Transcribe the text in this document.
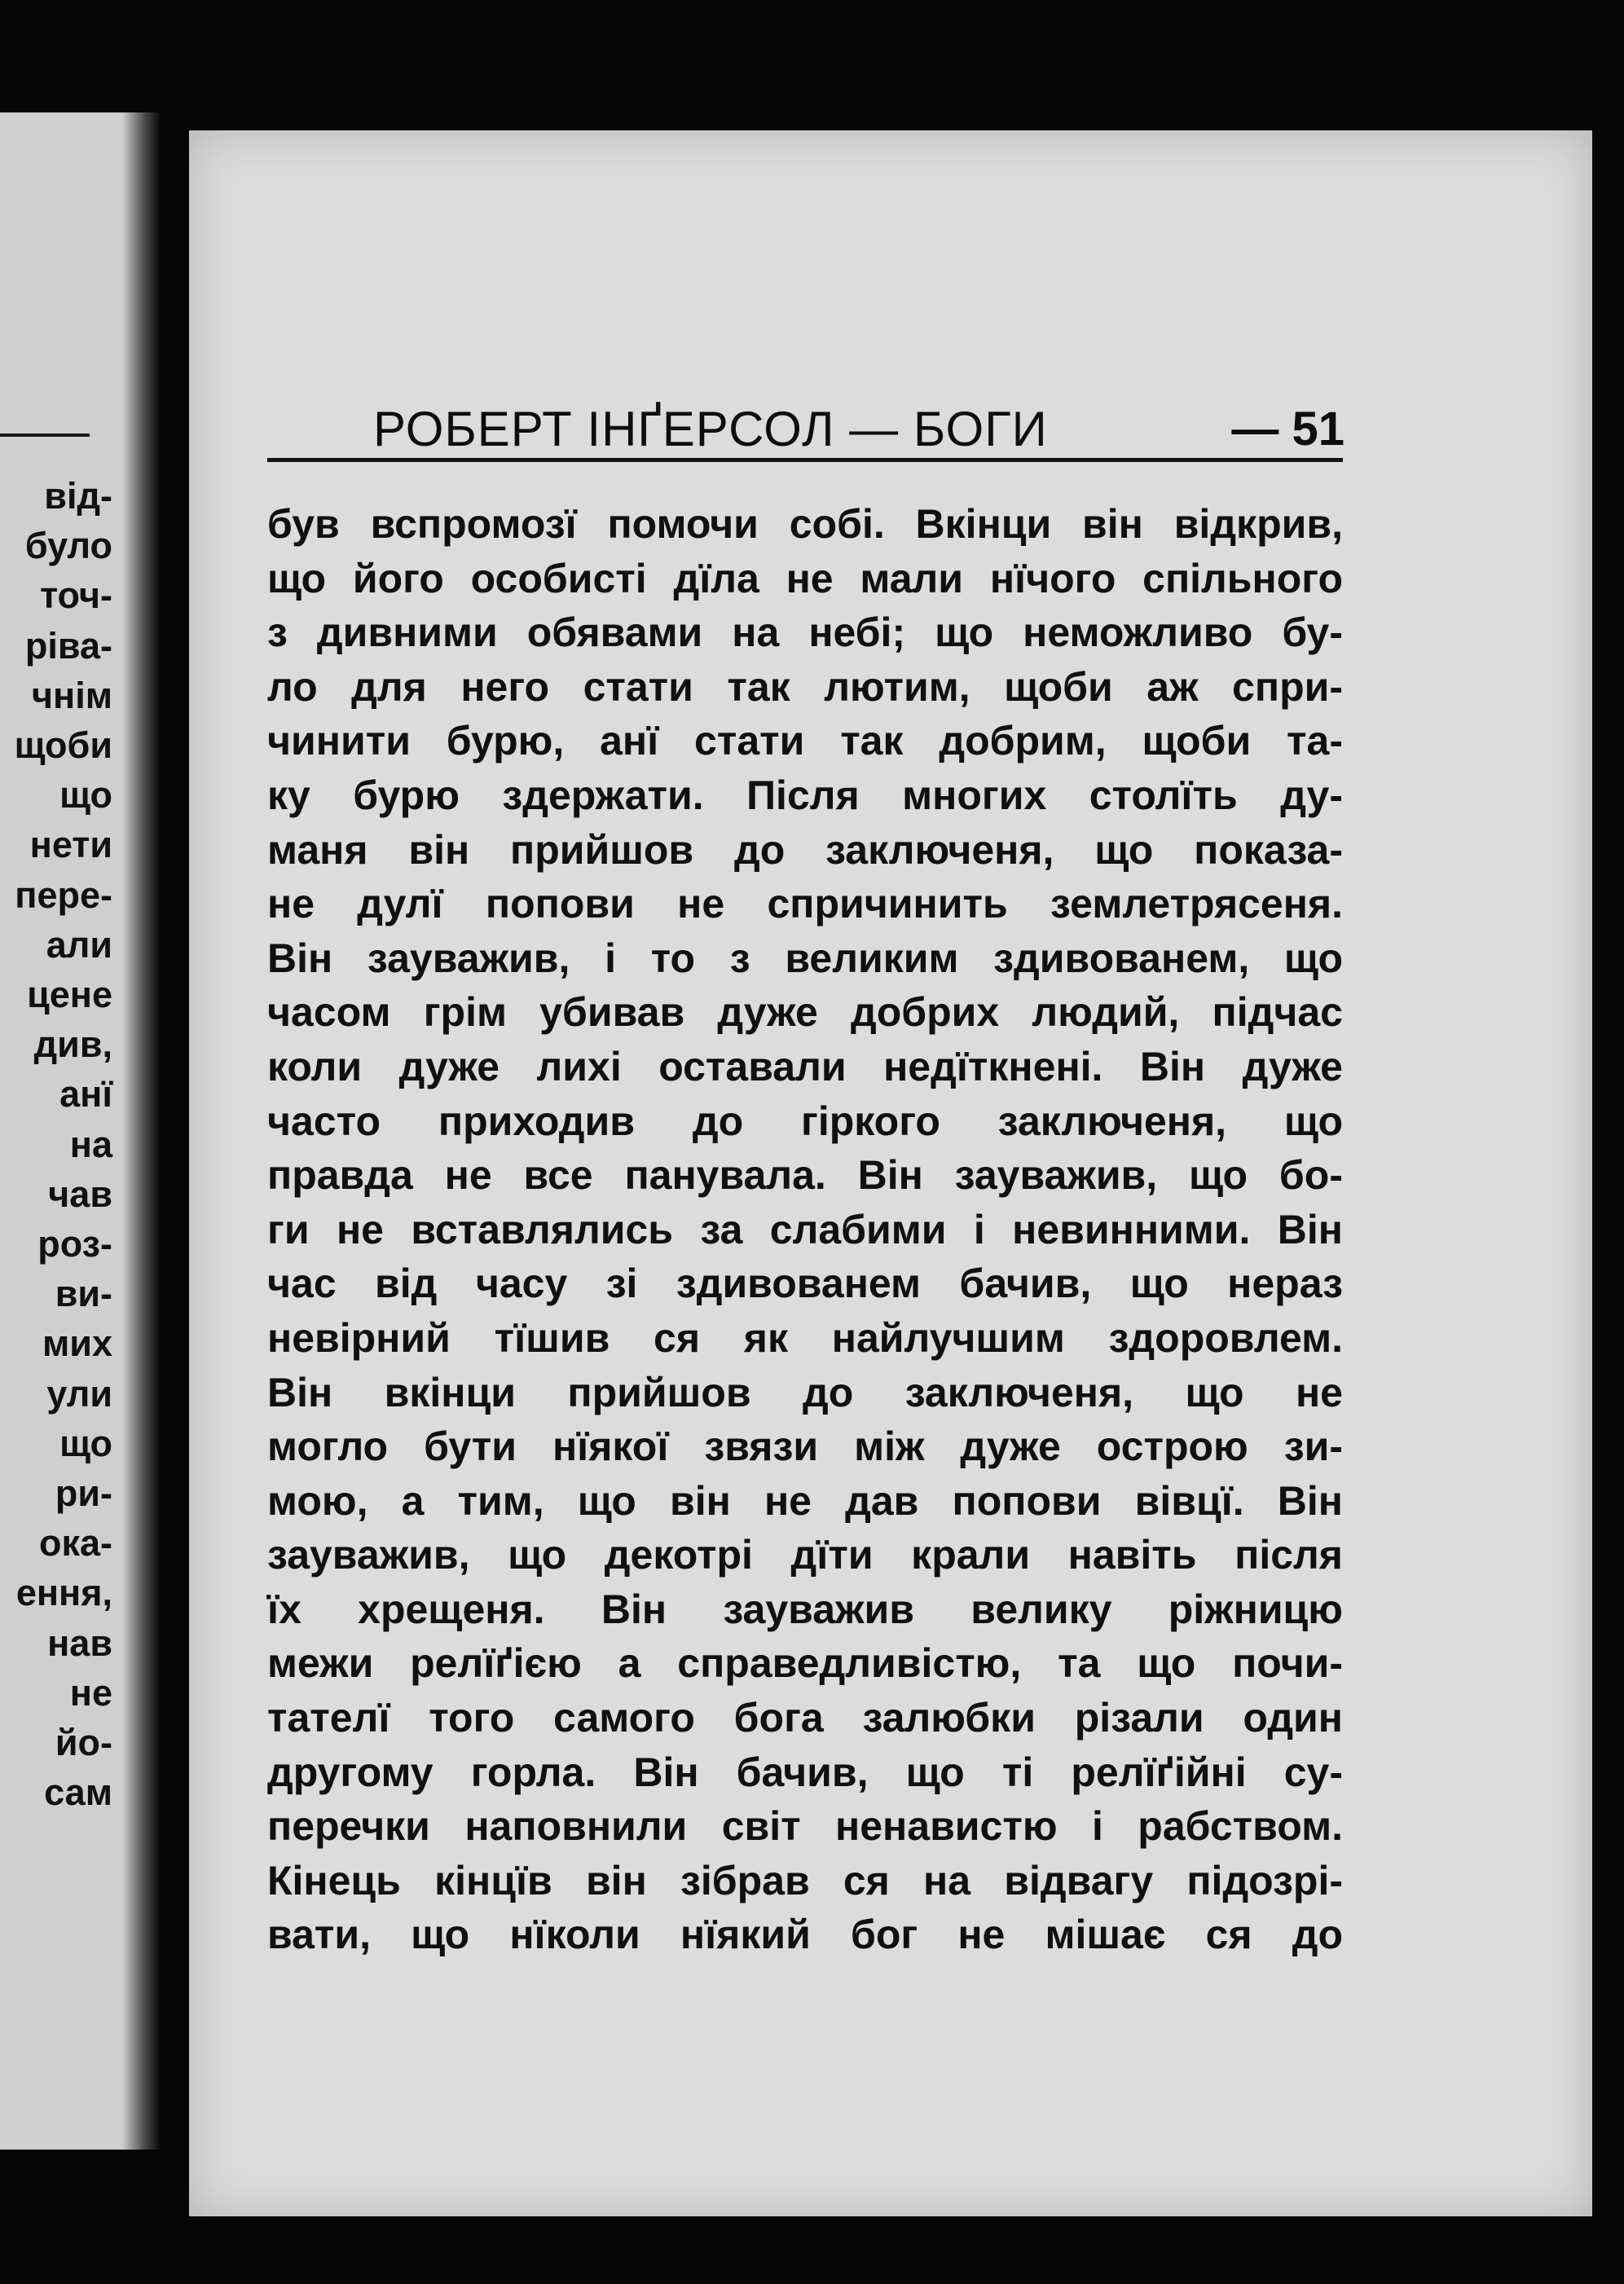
від-
було
точ-
ріва-
чнім
щоби
що
нети
пере-
али
цене
див,
анї
на
чав
роз-
ви-
мих
ули
що
ри-
ока-
ення,
нав
не
йо-
сам
РОБЕРТ ІНҐЕРСОЛ — БОГИ	— 51
був вспромозї помочи собі. Вкінци він відкрив,
що його особисті дїла не мали нїчого спільного
з дивними обявами на небі; що неможливо бу-
ло для него стати так лютим, щоби аж спри-
чинити бурю, анї стати так добрим, щоби та-
ку бурю здержати. Після многих столїть ду-
маня він прийшов до заключеня, що показа-
не дулї попови не спричинить землетрясеня.
Він зауважив, і то з великим здивованем, що
часом грім убивав дуже добрих людий, підчас
коли дуже лихі оставали недїткнені. Він дуже
часто приходив до гіркого заключеня, що
правда не все панувала. Він зауважив, що бо-
ги не вставлялись за слабими і невинними. Він
час від часу зі здивованем бачив, що нераз
невірний тїшив ся як найлучшим здоровлем.
Він вкінци прийшов до заключеня, що не
могло бути нїякої звязи між дуже острою зи-
мою, а тим, що він не дав попови вівцї. Він
зауважив, що декотрі дїти крали навіть після
їх хрещеня. Він зауважив велику ріжницю
межи релїґією а справедливістю, та що почи-
тателї того самого бога залюбки різали один
другому горла. Він бачив, що ті релїґійні су-
перечки наповнили світ ненавистю і рабством.
Кінець кінцїв він зібрав ся на відвагу підозрі-
вати, що нїколи нїякий бог не мішає ся до
